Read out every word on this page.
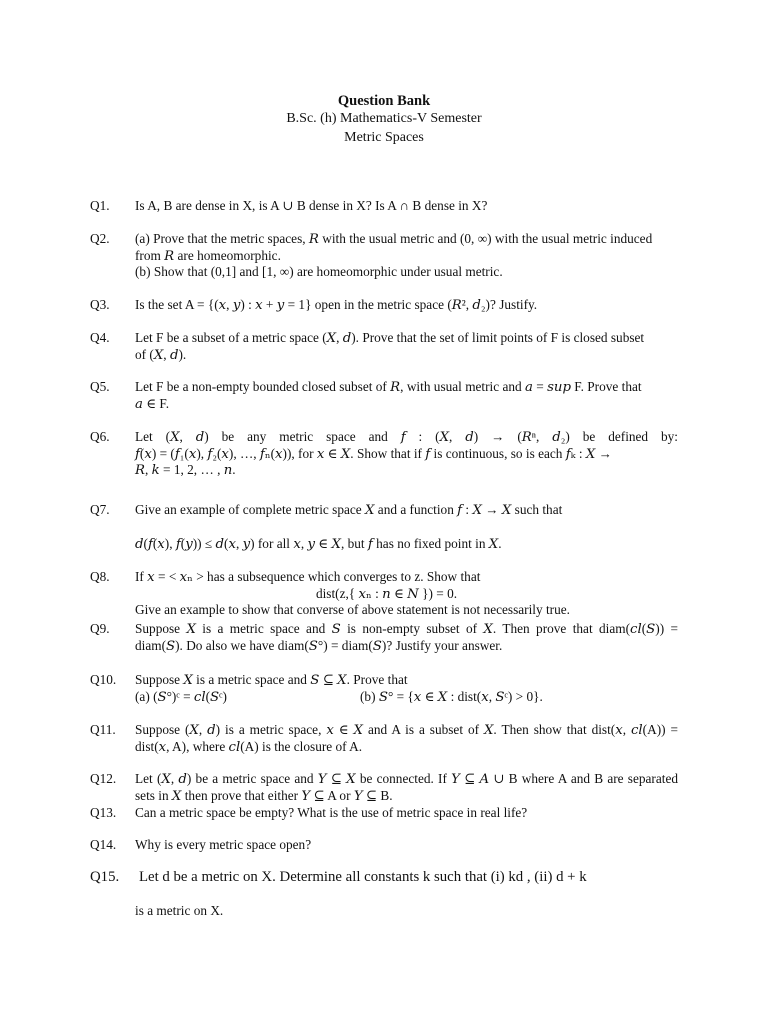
Question Bank
B.Sc. (h) Mathematics-V Semester
Metric Spaces
Q1.	Is A, B are dense in X, is A ∪ B dense in X? Is A ∩ B dense in X?
Q2.	(a) Prove that the metric spaces, 𝑅 with the usual metric and (0, ∞) with the usual metric induced
from 𝑅 are homeomorphic.
(b) Show that (0,1] and [1, ∞) are homeomorphic under usual metric.
Q3.	Is the set A = {(𝑥, 𝑦) : 𝑥 + 𝑦 = 1} open in the metric space (𝑅², 𝑑₂)? Justify.
Q4.	Let F be a subset of a metric space (𝑋, 𝑑). Prove that the set of limit points of F is closed subset
of (𝑋, 𝑑).
Q5.	Let F be a non-empty bounded closed subset of 𝑅, with usual metric and 𝑎 = 𝑠𝑢𝑝 F. Prove that
𝑎 ∈ F.
Q6.	Let (𝑋, 𝑑) be any metric space and 𝑓 : (𝑋, 𝑑) → (𝑅ⁿ, 𝑑₂) be defined by:
𝑓(𝑥) = (𝑓₁(𝑥), 𝑓₂(𝑥), …, 𝑓ₙ(𝑥)), for 𝑥 ∈ 𝑋. Show that if 𝑓 is continuous, so is each 𝑓ₖ : 𝑋 →
𝑅, 𝑘 = 1, 2, … , 𝑛.
Q7.	Give an example of complete metric space 𝑋 and a function 𝑓 : 𝑋 → 𝑋 such that
𝑑(𝑓(𝑥), 𝑓(𝑦)) ≤ 𝑑(𝑥, 𝑦) for all 𝑥, 𝑦 ∈ 𝑋, but 𝑓 has no fixed point in 𝑋.
Q8.	If 𝑥 = < 𝑥ₙ > has a subsequence which converges to z. Show that
dist(z,{ 𝑥ₙ : 𝑛 ∈ 𝑁 }) = 0.
Give an example to show that converse of above statement is not necessarily true.
Q9.	Suppose 𝑋 is a metric space and 𝑆 is non-empty subset of 𝑋. Then prove that diam(𝑐𝑙(𝑆)) =
diam(𝑆). Do also we have diam(𝑆°) = diam(𝑆)? Justify your answer.
Q10.	Suppose 𝑋 is a metric space and 𝑆 ⊆ 𝑋. Prove that
(a) (𝑆°)ᶜ = 𝑐𝑙(𝑆ᶜ)	(b) 𝑆° = {𝑥 ∈ 𝑋 : dist(𝑥, 𝑆ᶜ) > 0}.
Q11.	Suppose (𝑋, 𝑑) is a metric space, 𝑥 ∈ 𝑋 and A is a subset of 𝑋. Then show that dist(𝑥, 𝑐𝑙(A)) =
dist(𝑥, A), where 𝑐𝑙(A) is the closure of A.
Q12.	Let (𝑋, 𝑑) be a metric space and 𝑌 ⊆ 𝑋 be connected. If 𝑌 ⊆ 𝐴 ∪ B where A and B are separated
sets in 𝑋 then prove that either 𝑌 ⊆ A or 𝑌 ⊆ B.
Q13.	Can a metric space be empty? What is the use of metric space in real life?
Q14.	Why is every metric space open?
Q15.	Let d be a metric on X. Determine all constants k such that (i) kd , (ii) d + k
is a metric on X.
